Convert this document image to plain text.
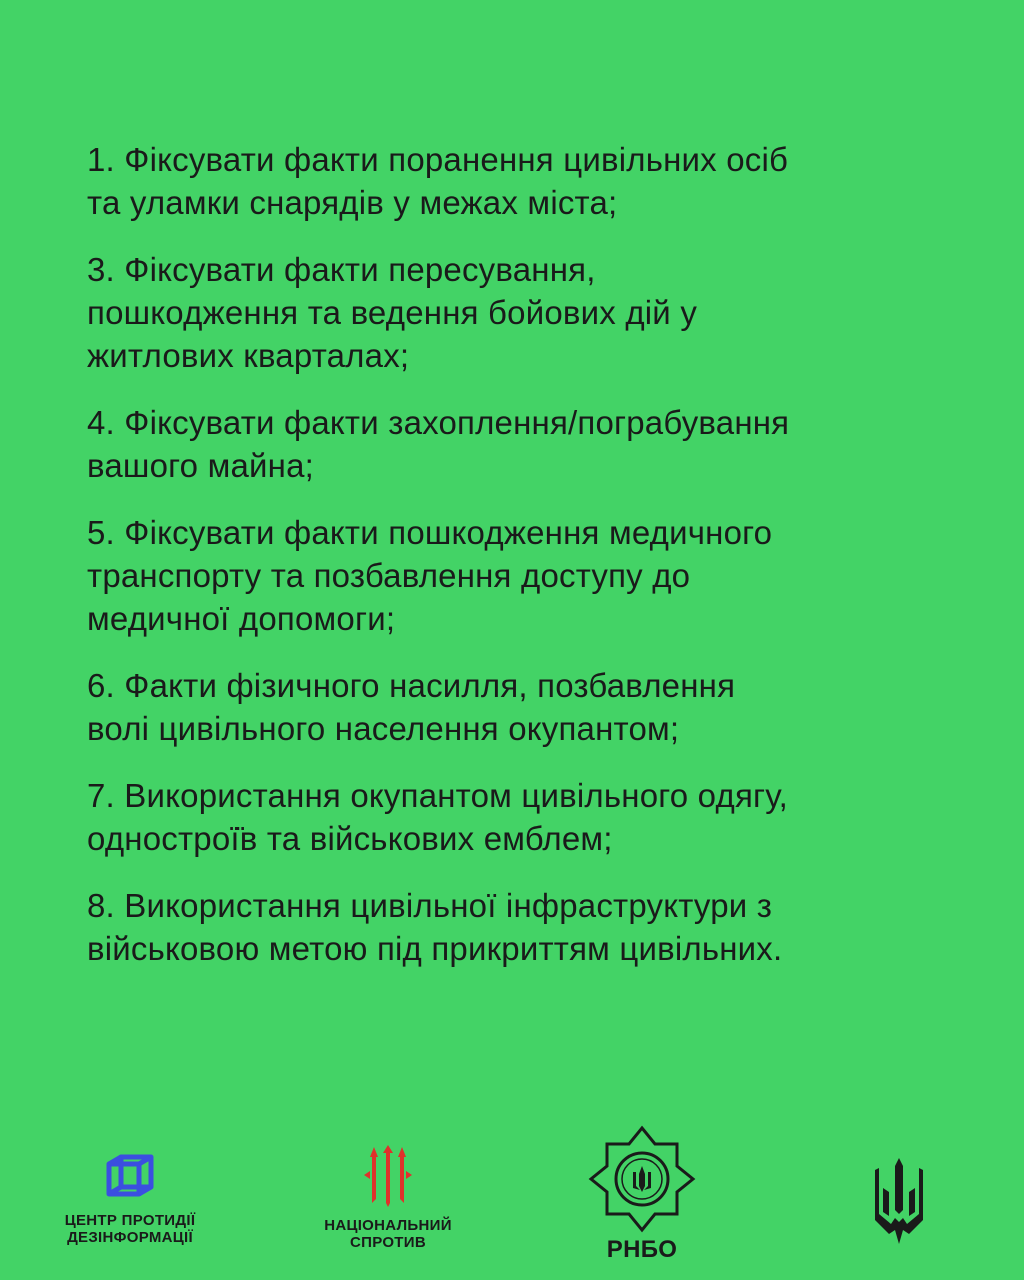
1. Фіксувати факти поранення цивільних осіб
та уламки снарядів у межах міста;

3. Фіксувати факти пересування,
пошкодження та ведення бойових дій у
житлових кварталах;

4. Фіксувати факти захоплення/пограбування
вашого майна;

5. Фіксувати факти пошкодження медичного
транспорту та позбавлення доступу до
медичної допомоги;

6. Факти фізичного насилля, позбавлення
волі цивільного населення окупантом;

7. Використання окупантом цивільного одягу,
однострої̈в та військових емблем;

8. Використання цивільної інфраструктури з
військовою метою під прикриттям цивільних.

ЦЕНТР ПРОТИДІЇ
ДЕЗІНФОРМАЦІЇ
НАЦІОНАЛЬНИЙ
СПРОТИВ	РНБО
